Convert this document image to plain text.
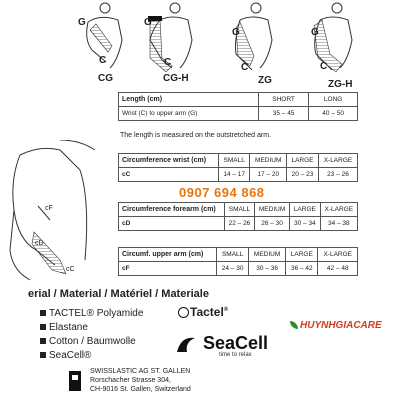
G
C
G
C
G
C
G
C
CG	CG-H	ZG	ZG-H
Length (cm)	SHORT	LONG
Wrist (C) to upper arm (G)	35 – 45	40 – 50
The length is measured on the outstretched arm.
cF
cD
cC
Circumference wrist (cm)	SMALL	MEDIUM	LARGE	X-LARGE
cC	14 – 17	17 – 20	20 – 23	23 – 26
0907 694 868
Circumference forearm (cm)	SMALL	MEDIUM	LARGE	X-LARGE
cD	22 – 26	26 – 30	30 – 34	34 – 38
Circumf. upper arm (cm)	SMALL	MEDIUM	LARGE	X-LARGE
cF	24 – 30	30 – 36	36 – 42	42 – 48
erial / Material / Matériel / Materiale
TACTEL® Polyamide
Elastane
Cotton / Baumwolle
SeaCell®
Tactel®
HUYNHGIACARE
SeaCell
time to relax
SWISSLASTIC AG ST. GALLEN
Rorschacher Strasse 304,
CH-9016 St. Gallen, Switzerland
